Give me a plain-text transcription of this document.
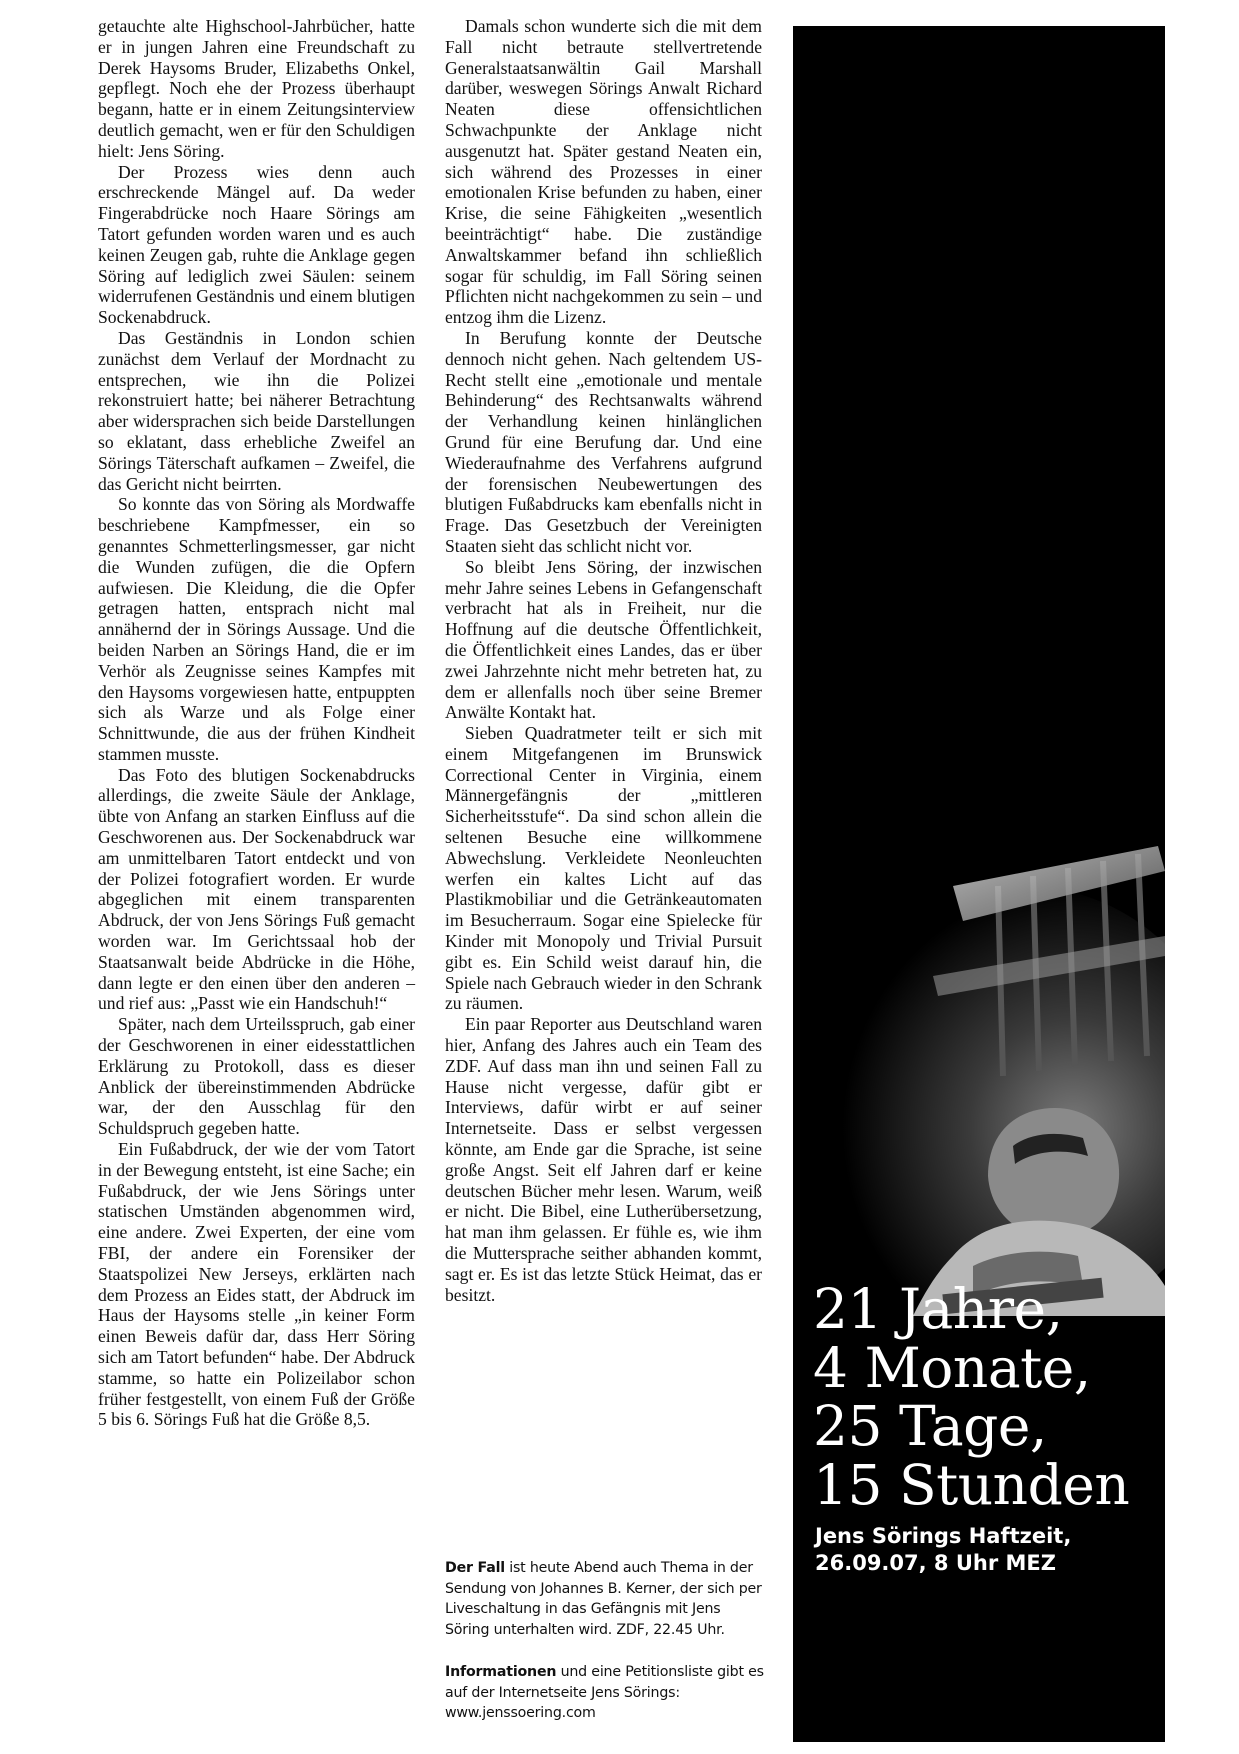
getauchte alte Highschool-Jahrbücher, hatte er in jungen Jahren eine Freundschaft zu Derek Haysoms Bruder, Elizabeths Onkel, gepflegt. Noch ehe der Prozess überhaupt begann, hatte er in einem Zeitungsinterview deutlich gemacht, wen er für den Schuldigen hielt: Jens Söring.

Der Prozess wies denn auch erschreckende Mängel auf. Da weder Fingerabdrücke noch Haare Sörings am Tatort gefunden worden waren und es auch keinen Zeugen gab, ruhte die Anklage gegen Söring auf lediglich zwei Säulen: seinem widerrufenen Geständnis und einem blutigen Sockenabdruck.

Das Geständnis in London schien zunächst dem Verlauf der Mordnacht zu entsprechen, wie ihn die Polizei rekonstruiert hatte; bei näherer Betrachtung aber widersprachen sich beide Darstellungen so eklatant, dass erhebliche Zweifel an Sörings Täterschaft aufkamen – Zweifel, die das Gericht nicht beirrten.

So konnte das von Söring als Mordwaffe beschriebene Kampfmesser, ein so genanntes Schmetterlingsmesser, gar nicht die Wunden zufügen, die die Opfern aufwiesen. Die Kleidung, die die Opfer getragen hatten, entsprach nicht mal annähernd der in Sörings Aussage. Und die beiden Narben an Sörings Hand, die er im Verhör als Zeugnisse seines Kampfes mit den Haysoms vorgewiesen hatte, entpuppten sich als Warze und als Folge einer Schnittwunde, die aus der frühen Kindheit stammen musste.

Das Foto des blutigen Sockenabdrucks allerdings, die zweite Säule der Anklage, übte von Anfang an starken Einfluss auf die Geschworenen aus. Der Sockenabdruck war am unmittelbaren Tatort entdeckt und von der Polizei fotografiert worden. Er wurde abgeglichen mit einem transparenten Abdruck, der von Jens Sörings Fuß gemacht worden war. Im Gerichtssaal hob der Staatsanwalt beide Abdrücke in die Höhe, dann legte er den einen über den anderen – und rief aus: „Passt wie ein Handschuh!“

Später, nach dem Urteilsspruch, gab einer der Geschworenen in einer eidesstattlichen Erklärung zu Protokoll, dass es dieser Anblick der übereinstimmenden Abdrücke war, der den Ausschlag für den Schuldspruch gegeben hatte.

Ein Fußabdruck, der wie der vom Tatort in der Bewegung entsteht, ist eine Sache; ein Fußabdruck, der wie Jens Sörings unter statischen Umständen abgenommen wird, eine andere. Zwei Experten, der eine vom FBI, der andere ein Forensiker der Staatspolizei New Jerseys, erklärten nach dem Prozess an Eides statt, der Abdruck im Haus der Haysoms stelle „in keiner Form einen Beweis dafür dar, dass Herr Söring sich am Tatort befunden“ habe. Der Abdruck stamme, so hatte ein Polizeilabor schon früher festgestellt, von einem Fuß der Größe 5 bis 6. Sörings Fuß hat die Größe 8,5.

Damals schon wunderte sich die mit dem Fall nicht betraute stellvertretende Generalstaatsanwältin Gail Marshall darüber, weswegen Sörings Anwalt Richard Neaten diese offensichtlichen Schwachpunkte der Anklage nicht ausgenutzt hat. Später gestand Neaten ein, sich während des Prozesses in einer emotionalen Krise befunden zu haben, einer Krise, die seine Fähigkeiten „wesentlich beeinträchtigt“ habe. Die zuständige Anwaltskammer befand ihn schließlich sogar für schuldig, im Fall Söring seinen Pflichten nicht nachgekommen zu sein – und entzog ihm die Lizenz.

In Berufung konnte der Deutsche dennoch nicht gehen. Nach geltendem US-Recht stellt eine „emotionale und mentale Behinderung“ des Rechtsanwalts während der Verhandlung keinen hinlänglichen Grund für eine Berufung dar. Und eine Wiederaufnahme des Verfahrens aufgrund der forensischen Neubewertungen des blutigen Fußabdrucks kam ebenfalls nicht in Frage. Das Gesetzbuch der Vereinigten Staaten sieht das schlicht nicht vor.

So bleibt Jens Söring, der inzwischen mehr Jahre seines Lebens in Gefangenschaft verbracht hat als in Freiheit, nur die Hoffnung auf die deutsche Öffentlichkeit, die Öffentlichkeit eines Landes, das er über zwei Jahrzehnte nicht mehr betreten hat, zu dem er allenfalls noch über seine Bremer Anwälte Kontakt hat.

Sieben Quadratmeter teilt er sich mit einem Mitgefangenen im Brunswick Correctional Center in Virginia, einem Männergefängnis der „mittleren Sicherheitsstufe“. Da sind schon allein die seltenen Besuche eine willkommene Abwechslung. Verkleidete Neonleuchten werfen ein kaltes Licht auf das Plastikmobiliar und die Getränkeautomaten im Besucherraum. Sogar eine Spielecke für Kinder mit Monopoly und Trivial Pursuit gibt es. Ein Schild weist darauf hin, die Spiele nach Gebrauch wieder in den Schrank zu räumen.

Ein paar Reporter aus Deutschland waren hier, Anfang des Jahres auch ein Team des ZDF. Auf dass man ihn und seinen Fall zu Hause nicht vergesse, dafür gibt er Interviews, dafür wirbt er auf seiner Internetseite. Dass er selbst vergessen könnte, am Ende gar die Sprache, ist seine große Angst. Seit elf Jahren darf er keine deutschen Bücher mehr lesen. Warum, weiß er nicht. Die Bibel, eine Lutherübersetzung, hat man ihm gelassen. Er fühle es, wie ihm die Muttersprache seither abhanden kommt, sagt er. Es ist das letzte Stück Heimat, das er besitzt.

Der Fall ist heute Abend auch Thema in der Sendung von Johannes B. Kerner, der sich per Liveschaltung in das Gefängnis mit Jens Söring unterhalten wird. ZDF, 22.45 Uhr.
Informationen und eine Petitionsliste gibt es auf der Internetseite Jens Sörings: www.jenssoering.com
21 Jahre,
4 Monate,
25 Tage,
15 Stunden
Jens Sörings Haftzeit,
26.09.07, 8 Uhr MEZ
